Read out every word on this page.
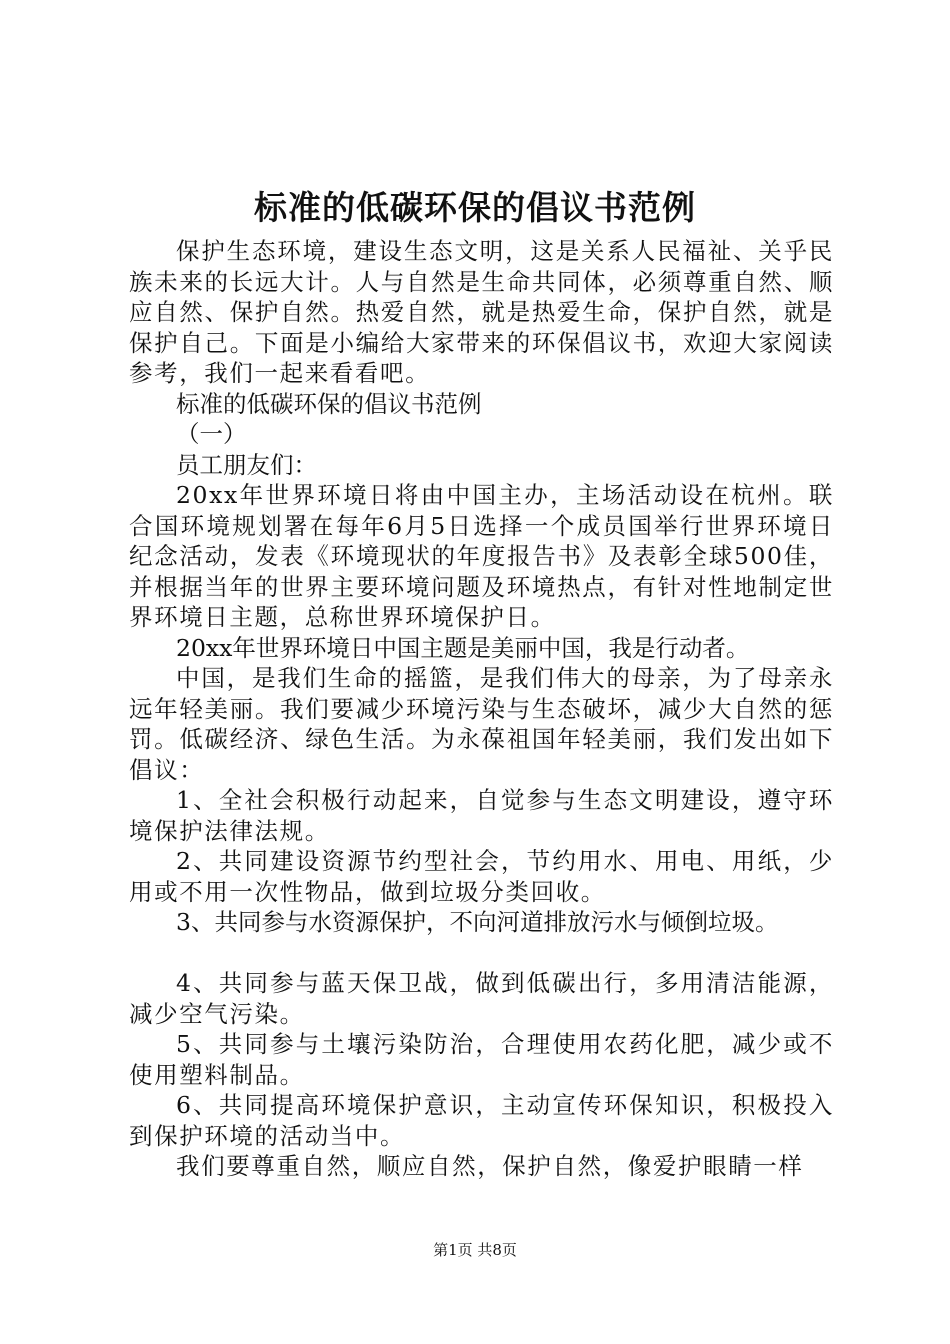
标准的低碳环保的倡议书范例

保护生态环境，建设生态文明，这是关系人民福祉、关乎民族未来的长远大计。人与自然是生命共同体，必须尊重自然、顺应自然、保护自然。热爱自然，就是热爱生命，保护自然，就是保护自己。下面是小编给大家带来的环保倡议书，欢迎大家阅读参考，我们一起来看看吧。

标准的低碳环保的倡议书范例

（一）

员工朋友们：

20xx年世界环境日将由中国主办，主场活动设在杭州。联合国环境规划署在每年6月5日选择一个成员国举行世界环境日纪念活动，发表《环境现状的年度报告书》及表彰全球500佳，并根据当年的世界主要环境问题及环境热点，有针对性地制定世界环境日主题，总称世界环境保护日。

20xx年世界环境日中国主题是美丽中国，我是行动者。

中国，是我们生命的摇篮，是我们伟大的母亲，为了母亲永远年轻美丽。我们要减少环境污染与生态破坏，减少大自然的惩罚。低碳经济、绿色生活。为永葆祖国年轻美丽，我们发出如下倡议：

1、全社会积极行动起来，自觉参与生态文明建设，遵守环境保护法律法规。

2、共同建设资源节约型社会，节约用水、用电、用纸，少用或不用一次性物品，做到垃圾分类回收。

3、共同参与水资源保护，不向河道排放污水与倾倒垃圾。

4、共同参与蓝天保卫战，做到低碳出行，多用清洁能源，减少空气污染。

5、共同参与土壤污染防治，合理使用农药化肥，减少或不使用塑料制品。

6、共同提高环境保护意识，主动宣传环保知识，积极投入到保护环境的活动当中。

我们要尊重自然，顺应自然，保护自然，像爱护眼睛一样

第1页 共8页
